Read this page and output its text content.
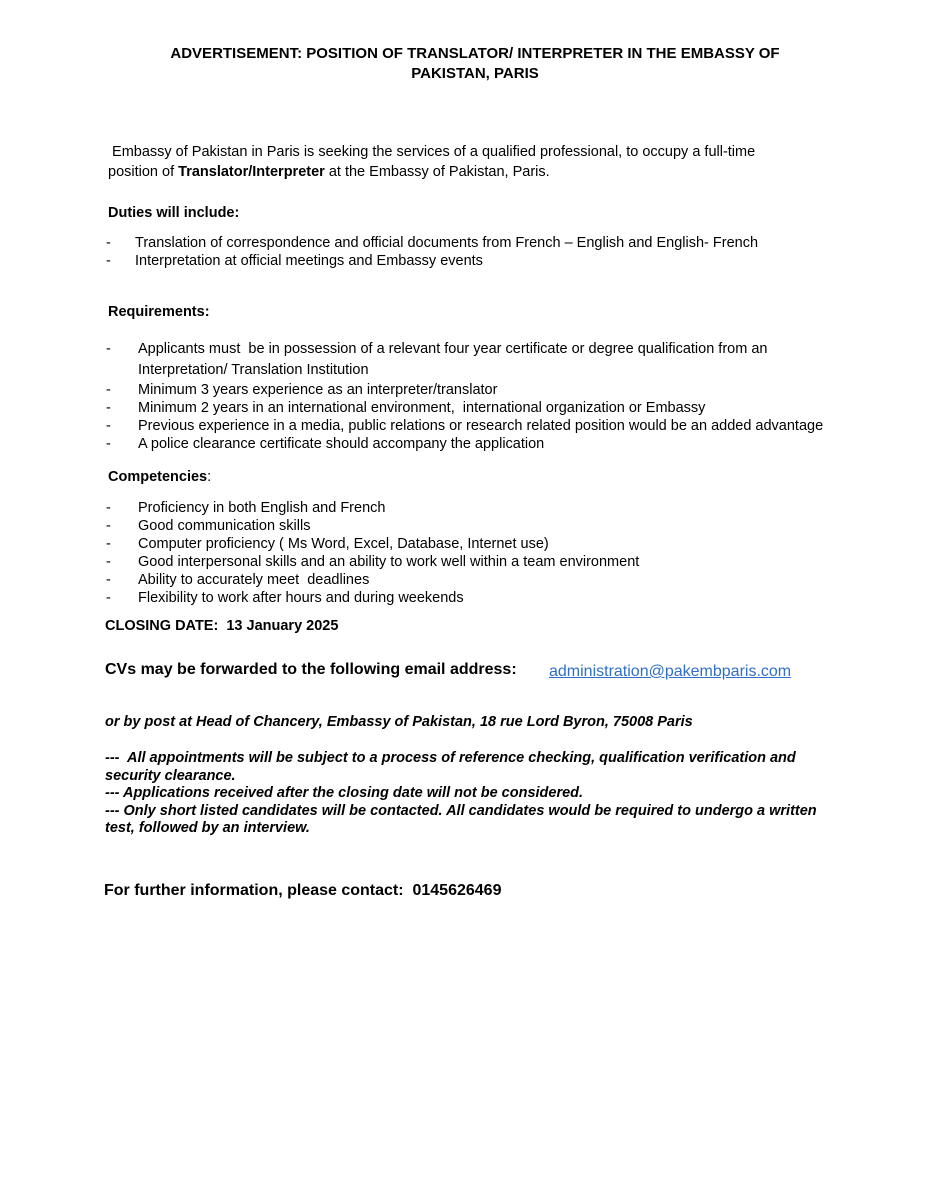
ADVERTISEMENT: POSITION OF TRANSLATOR/ INTERPRETER IN THE EMBASSY OF
PAKISTAN, PARIS
Embassy of Pakistan in Paris is seeking the services of a qualified professional, to occupy a full-time
position of Translator/Interpreter at the Embassy of Pakistan, Paris.
Duties will include:
- Translation of correspondence and official documents from French – English and English- French
- Interpretation at official meetings and Embassy events
Requirements:
- Applicants must  be in possession of a relevant four year certificate or degree qualification from an
Interpretation/ Translation Institution
- Minimum 3 years experience as an interpreter/translator
- Minimum 2 years in an international environment,  international organization or Embassy
- Previous experience in a media, public relations or research related position would be an added advantage
- A police clearance certificate should accompany the application
Competencies:
- Proficiency in both English and French
- Good communication skills
- Computer proficiency ( Ms Word, Excel, Database, Internet use)
- Good interpersonal skills and an ability to work well within a team environment
- Ability to accurately meet  deadlines
- Flexibility to work after hours and during weekends
CLOSING DATE:  13 January 2025
CVs may be forwarded to the following email address: administration@pakembparis.com
or by post at Head of Chancery, Embassy of Pakistan, 18 rue Lord Byron, 75008 Paris
---  All appointments will be subject to a process of reference checking, qualification verification and
security clearance.
--- Applications received after the closing date will not be considered.
--- Only short listed candidates will be contacted. All candidates would be required to undergo a written
test, followed by an interview.
For further information, please contact:  0145626469
